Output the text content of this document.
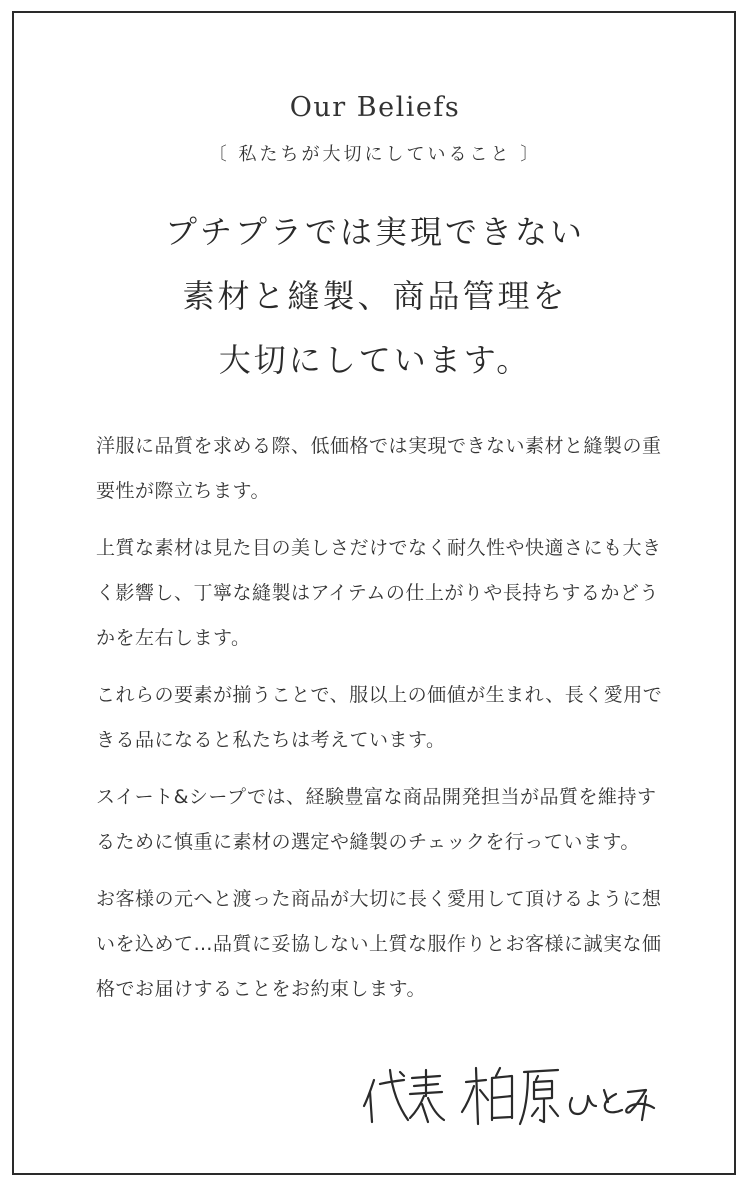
Our Beliefs
〔 私たちが大切にしていること 〕
プチプラでは実現できない
素材と縫製、商品管理を
大切にしています。

洋服に品質を求める際、低価格では実現できない素材と縫製の重要性が際立ちます。

上質な素材は見た目の美しさだけでなく耐久性や快適さにも大きく影響し、丁寧な縫製はアイテムの仕上がりや長持ちするかどうかを左右します。

これらの要素が揃うことで、服以上の価値が生まれ、長く愛用できる品になると私たちは考えています。

スイート&シープでは、経験豊富な商品開発担当が品質を維持するために慎重に素材の選定や縫製のチェックを行っています。

お客様の元へと渡った商品が大切に長く愛用して頂けるように想いを込めて…品質に妥協しない上質な服作りとお客様に誠実な価格でお届けすることをお約束します。

代表 柏原 ひとみ
